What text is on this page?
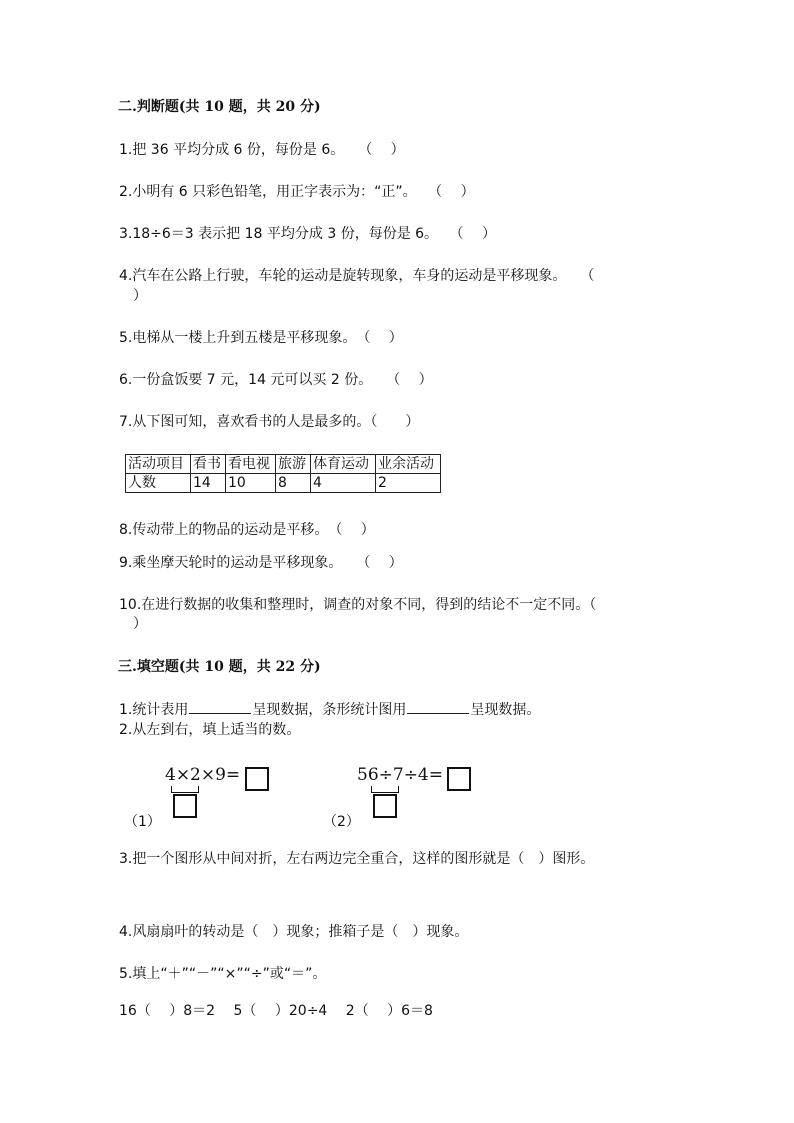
二.判断题(共 10 题，共 20 分)
1.把 36 平均分成 6 份，每份是 6。　　（　 ）
2.小明有 6 只彩色铅笔，用正字表示为：“正”。　 （　 ）
3.18÷6＝3 表示把 18 平均分成 3 份，每份是 6。　 （　 ）
4.汽车在公路上行驶，车轮的运动是旋转现象，车身的运动是平移现象。　　（
　）
5.电梯从一楼上升到五楼是平移现象。　（　 ）
6.一份盒饭要 7 元，14 元可以买 2 份。　　（　 ）
7.从下图可知，喜欢看书的人是最多的。（　　）
活动项目	看书	看电视	旅游	体育运动	业余活动
人数	14	10	8	4	2
8.传动带上的物品的运动是平移。　（　 ）
9.乘坐摩天轮时的运动是平移现象。　　（　 ）
10.在进行数据的收集和整理时，调查的对象不同，得到的结论不一定不同。（
　）
三.填空题(共 10 题，共 22 分)
1.统计表用	呈现数据，条形统计图用	呈现数据。
2.从左到右，填上适当的数。
4×2×9=
（1）
56÷7÷4=
（2）
3.把一个图形从中间对折，左右两边完全重合，这样的图形就是（　）图形。
4.风扇扇叶的转动是（　）现象；推箱子是（　）现象。
5.填上“＋”“－”“×”“÷”或“＝”。
16（　 ）8＝2　 5（　 ）20÷4　 2（　 ）6＝8
